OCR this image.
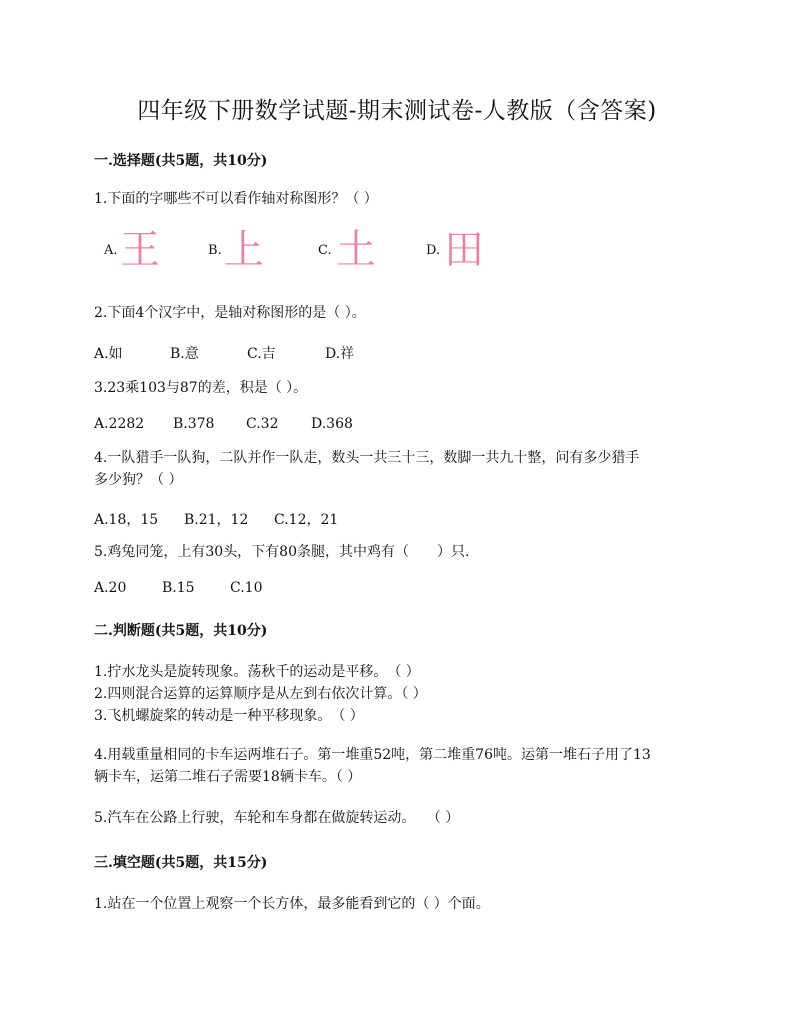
四年级下册数学试题-期末测试卷-人教版（含答案)
一.选择题(共5题，共10分)
1.下面的字哪些不可以看作轴对称图形？（ ）
A. 王	B. 上	C. 土	D. 田
2.下面4个汉字中，是轴对称图形的是（ ）。
A.如	B.意	C.吉	D.祥
3.23乘103与87的差，积是（ ）。
A.2282 B.378 C.32 D.368
4.一队猎手一队狗，二队并作一队走，数头一共三十三，数脚一共九十整，问有多少猎手
多少狗？（ ）
A.18，15 B.21，12 C.12，21
5.鸡兔同笼，上有30头，下有80条腿，其中鸡有（　　）只.
A.20	B.15	C.10
二.判断题(共5题，共10分)
1.拧水龙头是旋转现象。荡秋千的运动是平移。　（ ）
2.四则混合运算的运算顺序是从左到右依次计算。（ ）
3.飞机螺旋桨的转动是一种平移现象。　（ ）
4.用载重量相同的卡车运两堆石子。第一堆重52吨，第二堆重76吨。运第一堆石子用了13
辆卡车，运第二堆石子需要18辆卡车。（ ）
5.汽车在公路上行驶，车轮和车身都在做旋转运动。　 （ ）
三.填空题(共5题，共15分)
1.站在一个位置上观察一个长方体，最多能看到它的（ ）个面。
